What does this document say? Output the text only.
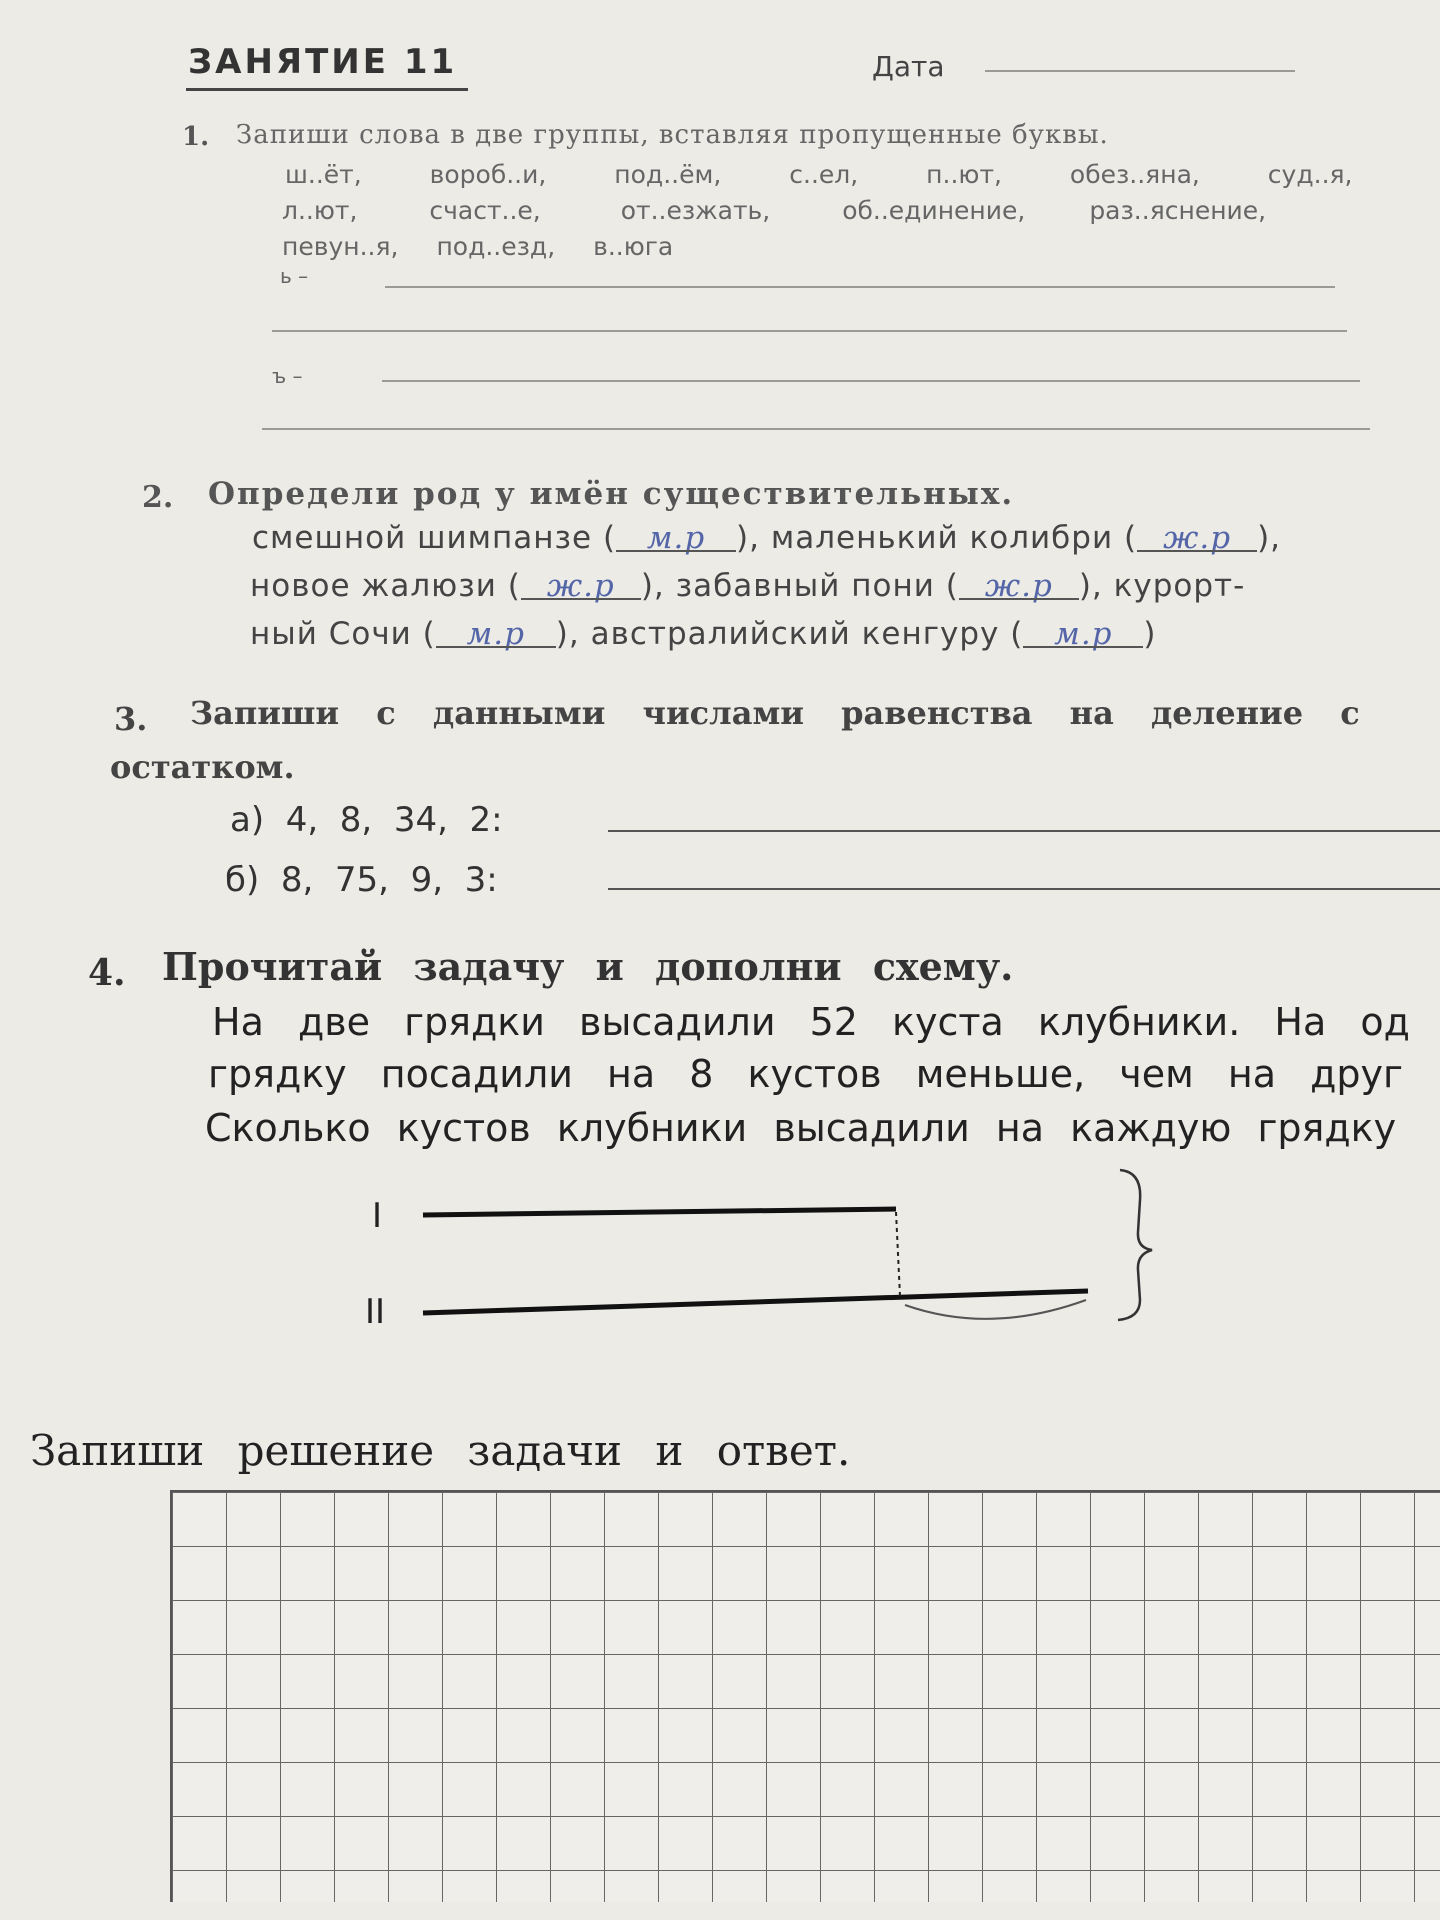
ЗАНЯТИЕ 11	Дата
1. Запиши слова в две группы, вставляя пропущенные буквы.
ш..ёт,	вороб..и,	под..ём,	с..ел,	п..ют,	обез..яна,	суд..я,
л..ют,	счаст..е,	от..езжать,	об..единение,	раз..яснение,
певун..я, под..езд, в..юга
ь –
ъ –
2. Определи род у имён существительных.
смешной шимпанзе ( м.р ), маленький колибри ( ж.р ),
новое жалюзи ( ж.р ), забавный пони ( ж.р ), курорт-
ный Сочи ( м.р ), австралийский кенгуру ( м.р )
3. Запиши с данными числами равенства на деление с
остатком.
а)  4,  8,  34,  2:
б)  8,  75,  9,  3:
4. Прочитай задачу и дополни схему.
На две грядки высадили 52 куста клубники. На од
грядку посадили на 8 кустов меньше, чем на друг
Сколько кустов клубники высадили на каждую грядку
I
II
Запиши решение задачи и ответ.
